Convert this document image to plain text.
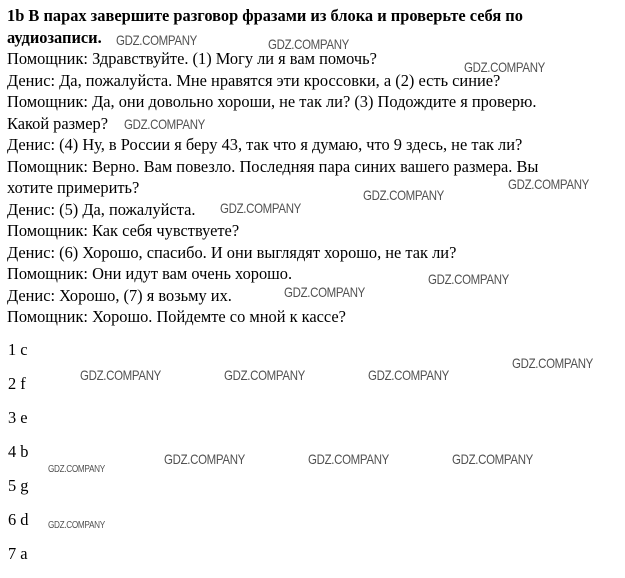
1b В парах завершите разговор фразами из блока и проверьте себя по аудиозаписи.

Помощник: Здравствуйте. (1) Могу ли я вам помочь?

Денис: Да, пожалуйста. Мне нравятся эти кроссовки, а (2) есть синие?

Помощник: Да, они довольно хороши, не так ли? (3) Подождите я проверю.

Какой размер?

Денис: (4) Ну, в России я беру 43, так что я думаю, что 9 здесь, не так ли?

Помощник: Верно. Вам повезло. Последняя пара синих вашего размера. Вы

хотите примерить?

Денис: (5) Да, пожалуйста.

Помощник: Как себя чувствуете?

Денис: (6) Хорошо, спасибо. И они выглядят хорошо, не так ли?

Помощник: Они идут вам очень хорошо.

Денис: Хорошо, (7) я возьму их.

Помощник: Хорошо. Пойдемте со мной к кассе?

1 c
2 f
3 e
4 b
5 g
6 d
7 a
GDZ.COMPANY	GDZ.COMPANY
GDZ.COMPANY
GDZ.COMPANY
GDZ.COMPANY
GDZ.COMPANY
GDZ.COMPANY
GDZ.COMPANY
GDZ.COMPANY
GDZ.COMPANY
GDZ.COMPANY	GDZ.COMPANY	GDZ.COMPANY
GDZ.COMPANY	GDZ.COMPANY	GDZ.COMPANY
GDZ.COMPANY
GDZ.COMPANY
